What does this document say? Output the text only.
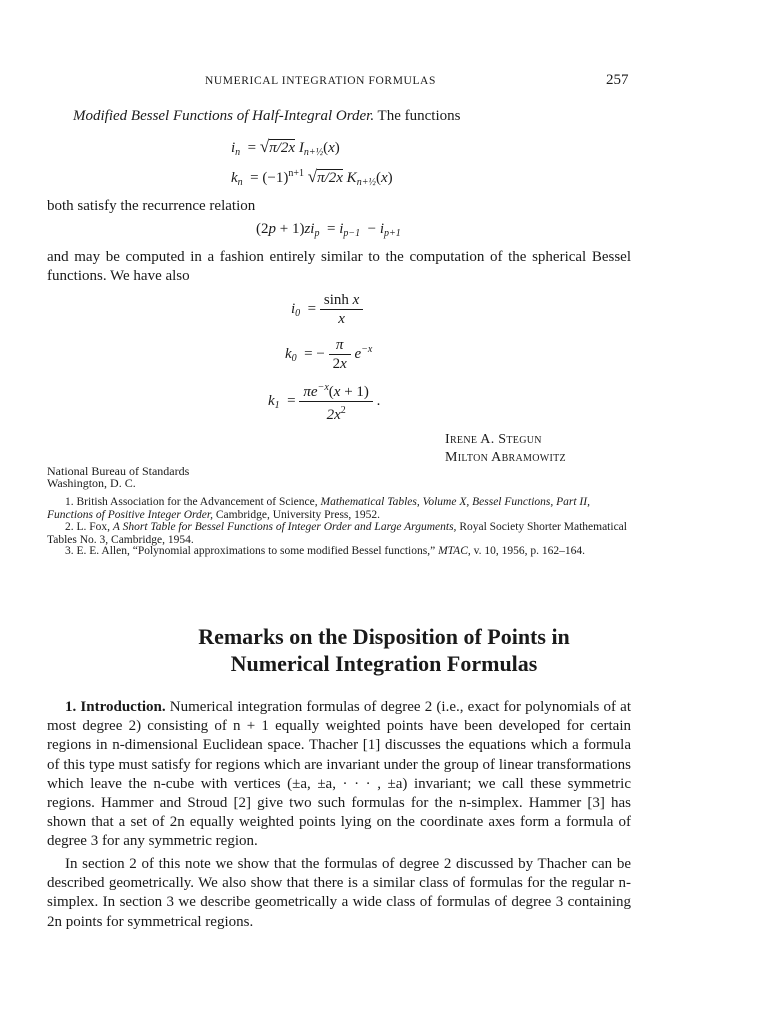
NUMERICAL INTEGRATION FORMULAS	257
Modified Bessel Functions of Half-Integral Order. The functions
$i_n = √\pi/2x$ $I_{n+\frac{1}{2}}(x)$
$k_n = (-1)^{n+1}$ √π/2x $K_{n+\frac{1}{2}}(x)$
both satisfy the recurrence relation
$(2p + 1)zi_p = i_{p-1} - i_{p+1}$
and may be computed in a fashion entirely similar to the computation of the spherical Bessel functions. We have also
$i_0 = \frac{\text{sinh x}}{x}$
$k_0$  = − $\frac{\pi}{2x} e^{-x}$
$k_1 = \frac{\pi e^{-x}(x + 1)}{2x^2}$ .
Irene A. Stegun
Milton Abramowitz
National Bureau of Standards
Washington, D. C.
1. British Association for the Advancement of Science, Mathematical Tables, Volume X, Bessel Functions, Part II, Functions of Positive Integer Order, Cambridge, University Press, 1952.
2. L. Fox, A Short Table for Bessel Functions of Integer Order and Large Arguments, Royal Society Shorter Mathematical Tables No. 3, Cambridge, 1954.
3. E. E. Allen, “Polynomial approximations to some modified Bessel functions,” MTAC, v. 10, 1956, p. 162–164.
Remarks on the Disposition of Points in
Numerical Integration Formulas
1. Introduction. Numerical integration formulas of degree 2 (i.e., exact for polynomials of at most degree 2) consisting of n + 1 equally weighted points have been developed for certain regions in n-dimensional Euclidean space. Thacher [1] discusses the equations which a formula of this type must satisfy for regions which are invariant under the group of linear transformations which leave the n-cube with vertices (±a, ±a, · · · , ±a) invariant; we call these symmetric regions. Hammer and Stroud [2] give two such formulas for the n-simplex. Hammer [3] has shown that a set of 2n equally weighted points lying on the coordinate axes form a formula of degree 3 for any symmetric region.
In section 2 of this note we show that the formulas of degree 2 discussed by Thacher can be described geometrically. We also show that there is a similar class of formulas for the regular n-simplex. In section 3 we describe geometrically a wide class of formulas of degree 3 containing 2n points for symmetrical regions.
